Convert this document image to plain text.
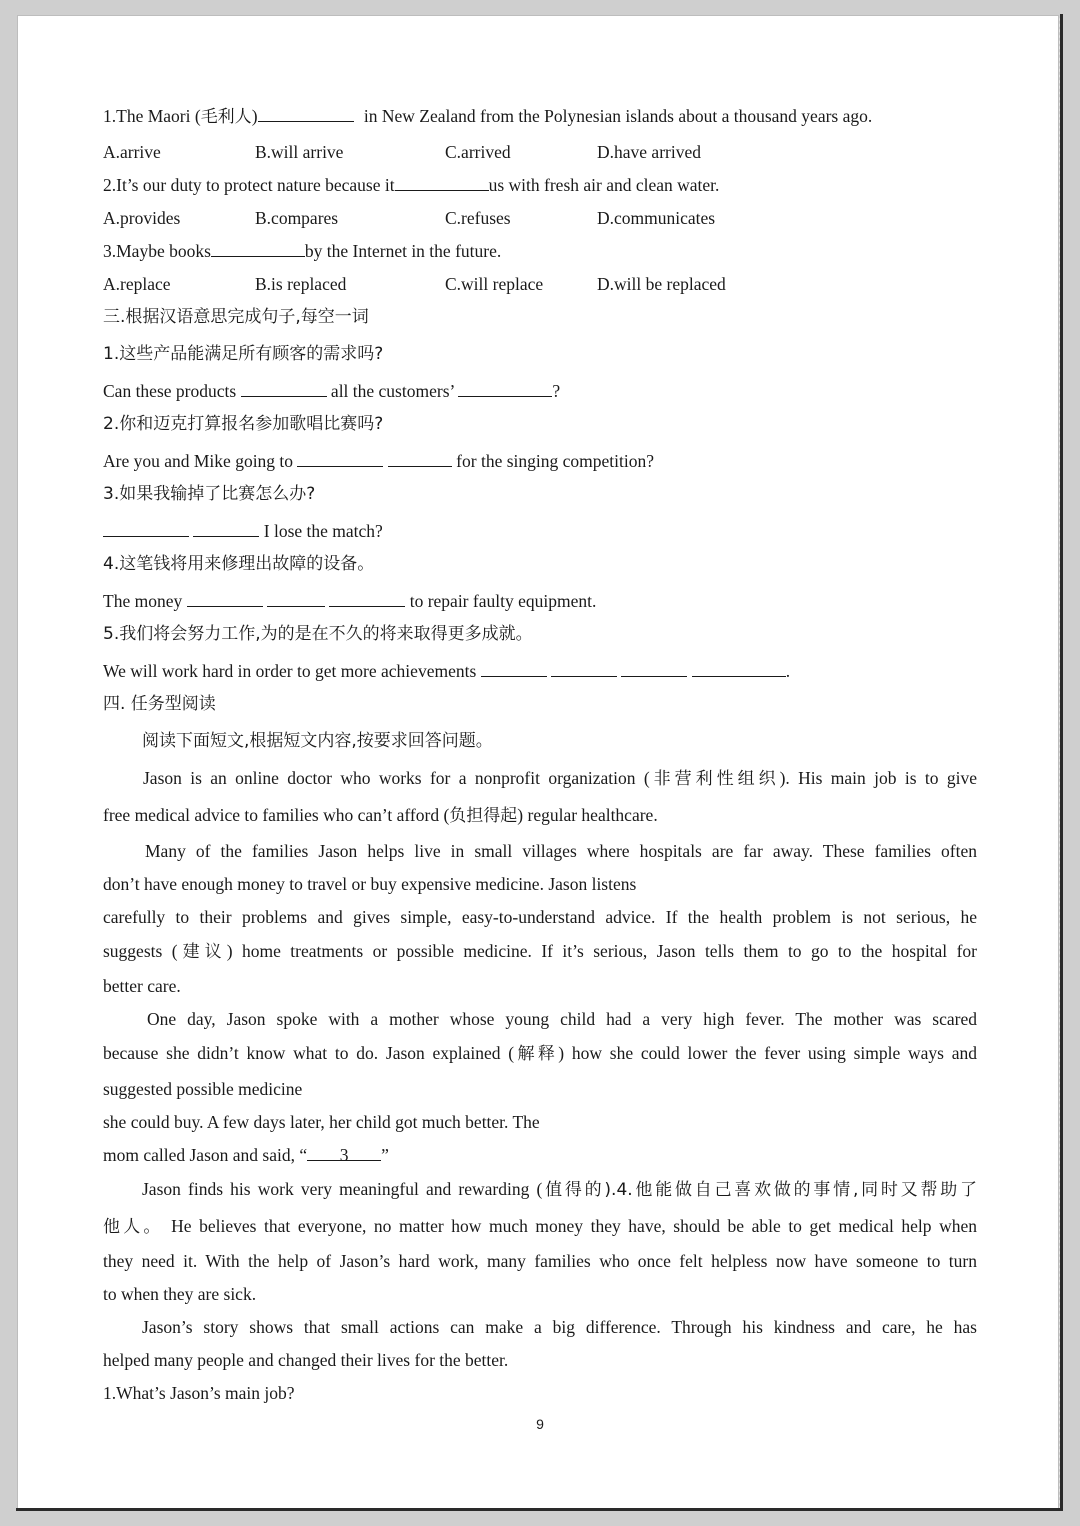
1.The Maori (毛利人)	in New Zealand from the Polynesian islands about a thousand years ago.
A.arrive	B.will arrive	C.arrived	D.have arrived
2.It’s our duty to protect nature because it	us with fresh air and clean water.
A.provides	B.compares	C.refuses	D.communicates
3.Maybe books	by the Internet in the future.
A.replace	B.is replaced	C.will replace	D.will be replaced
三.根据汉语意思完成句子,每空一词
1.这些产品能满足所有顾客的需求吗?
Can these products	all the customers’	?
2.你和迈克打算报名参加歌唱比赛吗?
Are you and Mike going to	for the singing competition?
3.如果我输掉了比赛怎么办?
I lose the match?
4.这笔钱将用来修理出故障的设备。
The money	to repair faulty equipment.
5.我们将会努力工作,为的是在不久的将来取得更多成就。
We will work hard in order to get more achievements	.
四. 任务型阅读
阅读下面短文,根据短文内容,按要求回答问题。
Jason is an online doctor who works for a nonprofit organization (非营利性组织). His main job is to give
free medical advice to families who can’t afford (负担得起) regular healthcare.
Many of the families Jason helps live in small villages where hospitals are far away. These families often
don’t have enough money to travel or buy expensive medicine. Jason listens
carefully to their problems and gives simple, easy-to-understand advice. If the health problem is not serious, he
suggests (建议) home treatments or possible medicine. If it’s serious, Jason tells them to go to the hospital for
better care.
One day, Jason spoke with a mother whose young child had a very high fever. The mother was scared
because she didn’t know what to do. Jason explained (解释) how she could lower the fever using simple ways and
suggested possible medicine
she could buy. A few days later, her child got much better. The
mom called Jason and said, “ 3 ”
Jason finds his work very meaningful and rewarding (值得的).4.他能做自己喜欢做的事情,同时又帮助了
他人。 He believes that everyone, no matter how much money they have, should be able to get medical help when
they need it. With the help of Jason’s hard work, many families who once felt helpless now have someone to turn
to when they are sick.
Jason’s story shows that small actions can make a big difference. Through his kindness and care, he has
helped many people and changed their lives for the better.
1.What’s Jason’s main job?
9
